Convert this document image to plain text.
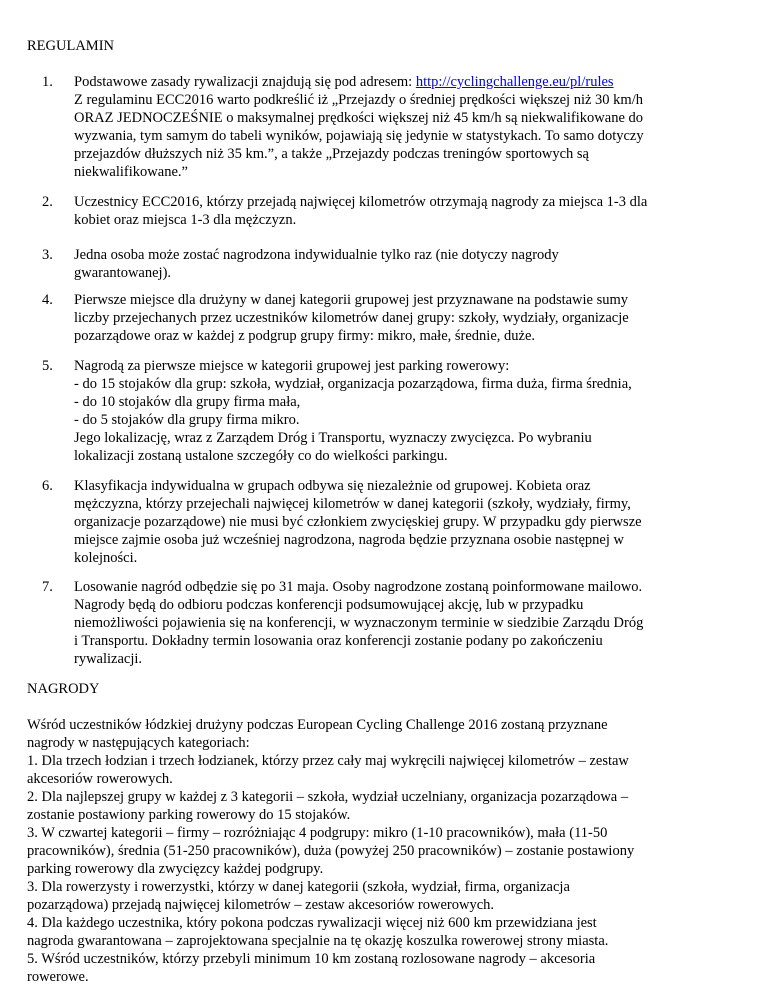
REGULAMIN
1. Podstawowe zasady rywalizacji znajdują się pod adresem: http://cyclingchallenge.eu/pl/rules
Z regulaminu ECC2016 warto podkreślić iż „Przejazdy o średniej prędkości większej niż 30 km/h
ORAZ JEDNOCZEŚNIE o maksymalnej prędkości większej niż 45 km/h są niekwalifikowane do
wyzwania, tym samym do tabeli wyników, pojawiają się jedynie w statystykach. To samo dotyczy
przejazdów dłuższych niż 35 km.”, a także „Przejazdy podczas treningów sportowych są
niekwalifikowane.”
2. Uczestnicy ECC2016, którzy przejadą najwięcej kilometrów otrzymają nagrody za miejsca 1-3 dla
kobiet oraz miejsca 1-3 dla mężczyzn.
3. Jedna osoba może zostać nagrodzona indywidualnie tylko raz (nie dotyczy nagrody
gwarantowanej).
4. Pierwsze miejsce dla drużyny w danej kategorii grupowej jest przyznawane na podstawie sumy
liczby przejechanych przez uczestników kilometrów danej grupy: szkoły, wydziały, organizacje
pozarządowe oraz w każdej z podgrup grupy firmy: mikro, małe, średnie, duże.
5. Nagrodą za pierwsze miejsce w kategorii grupowej jest parking rowerowy:
- do 15 stojaków dla grup: szkoła, wydział, organizacja pozarządowa, firma duża, firma średnia,
- do 10 stojaków dla grupy firma mała,
- do 5 stojaków dla grupy firma mikro.
Jego lokalizację, wraz z Zarządem Dróg i Transportu, wyznaczy zwycięzca. Po wybraniu
lokalizacji zostaną ustalone szczegóły co do wielkości parkingu.
6. Klasyfikacja indywidualna w grupach odbywa się niezależnie od grupowej. Kobieta oraz
mężczyzna, którzy przejechali najwięcej kilometrów w danej kategorii (szkoły, wydziały, firmy,
organizacje pozarządowe) nie musi być członkiem zwycięskiej grupy. W przypadku gdy pierwsze
miejsce zajmie osoba już wcześniej nagrodzona, nagroda będzie przyznana osobie następnej w
kolejności.
7. Losowanie nagród odbędzie się po 31 maja. Osoby nagrodzone zostaną poinformowane mailowo.
Nagrody będą do odbioru podczas konferencji podsumowującej akcję, lub w przypadku
niemożliwości pojawienia się na konferencji, w wyznaczonym terminie w siedzibie Zarządu Dróg
i Transportu. Dokładny termin losowania oraz konferencji zostanie podany po zakończeniu
rywalizacji.
NAGRODY
Wśród uczestników łódzkiej drużyny podczas European Cycling Challenge 2016 zostaną przyznane
nagrody w następujących kategoriach:
1. Dla trzech łodzian i trzech łodzianek, którzy przez cały maj wykręcili najwięcej kilometrów – zestaw
akcesoriów rowerowych.
2. Dla najlepszej grupy w każdej z 3 kategorii – szkoła, wydział uczelniany, organizacja pozarządowa –
zostanie postawiony parking rowerowy do 15 stojaków.
3. W czwartej kategorii – firmy – rozróżniając 4 podgrupy: mikro (1-10 pracowników), mała (11-50
pracowników), średnia (51-250 pracowników), duża (powyżej 250 pracowników) – zostanie postawiony
parking rowerowy dla zwycięzcy każdej podgrupy.
3. Dla rowerzysty i rowerzystki, którzy w danej kategorii (szkoła, wydział, firma, organizacja
pozarządowa) przejadą najwięcej kilometrów – zestaw akcesoriów rowerowych.
4. Dla każdego uczestnika, który pokona podczas rywalizacji więcej niż 600 km przewidziana jest
nagroda gwarantowana – zaprojektowana specjalnie na tę okazję koszulka rowerowej strony miasta.
5. Wśród uczestników, którzy przebyli minimum 10 km zostaną rozlosowane nagrody – akcesoria
rowerowe.
